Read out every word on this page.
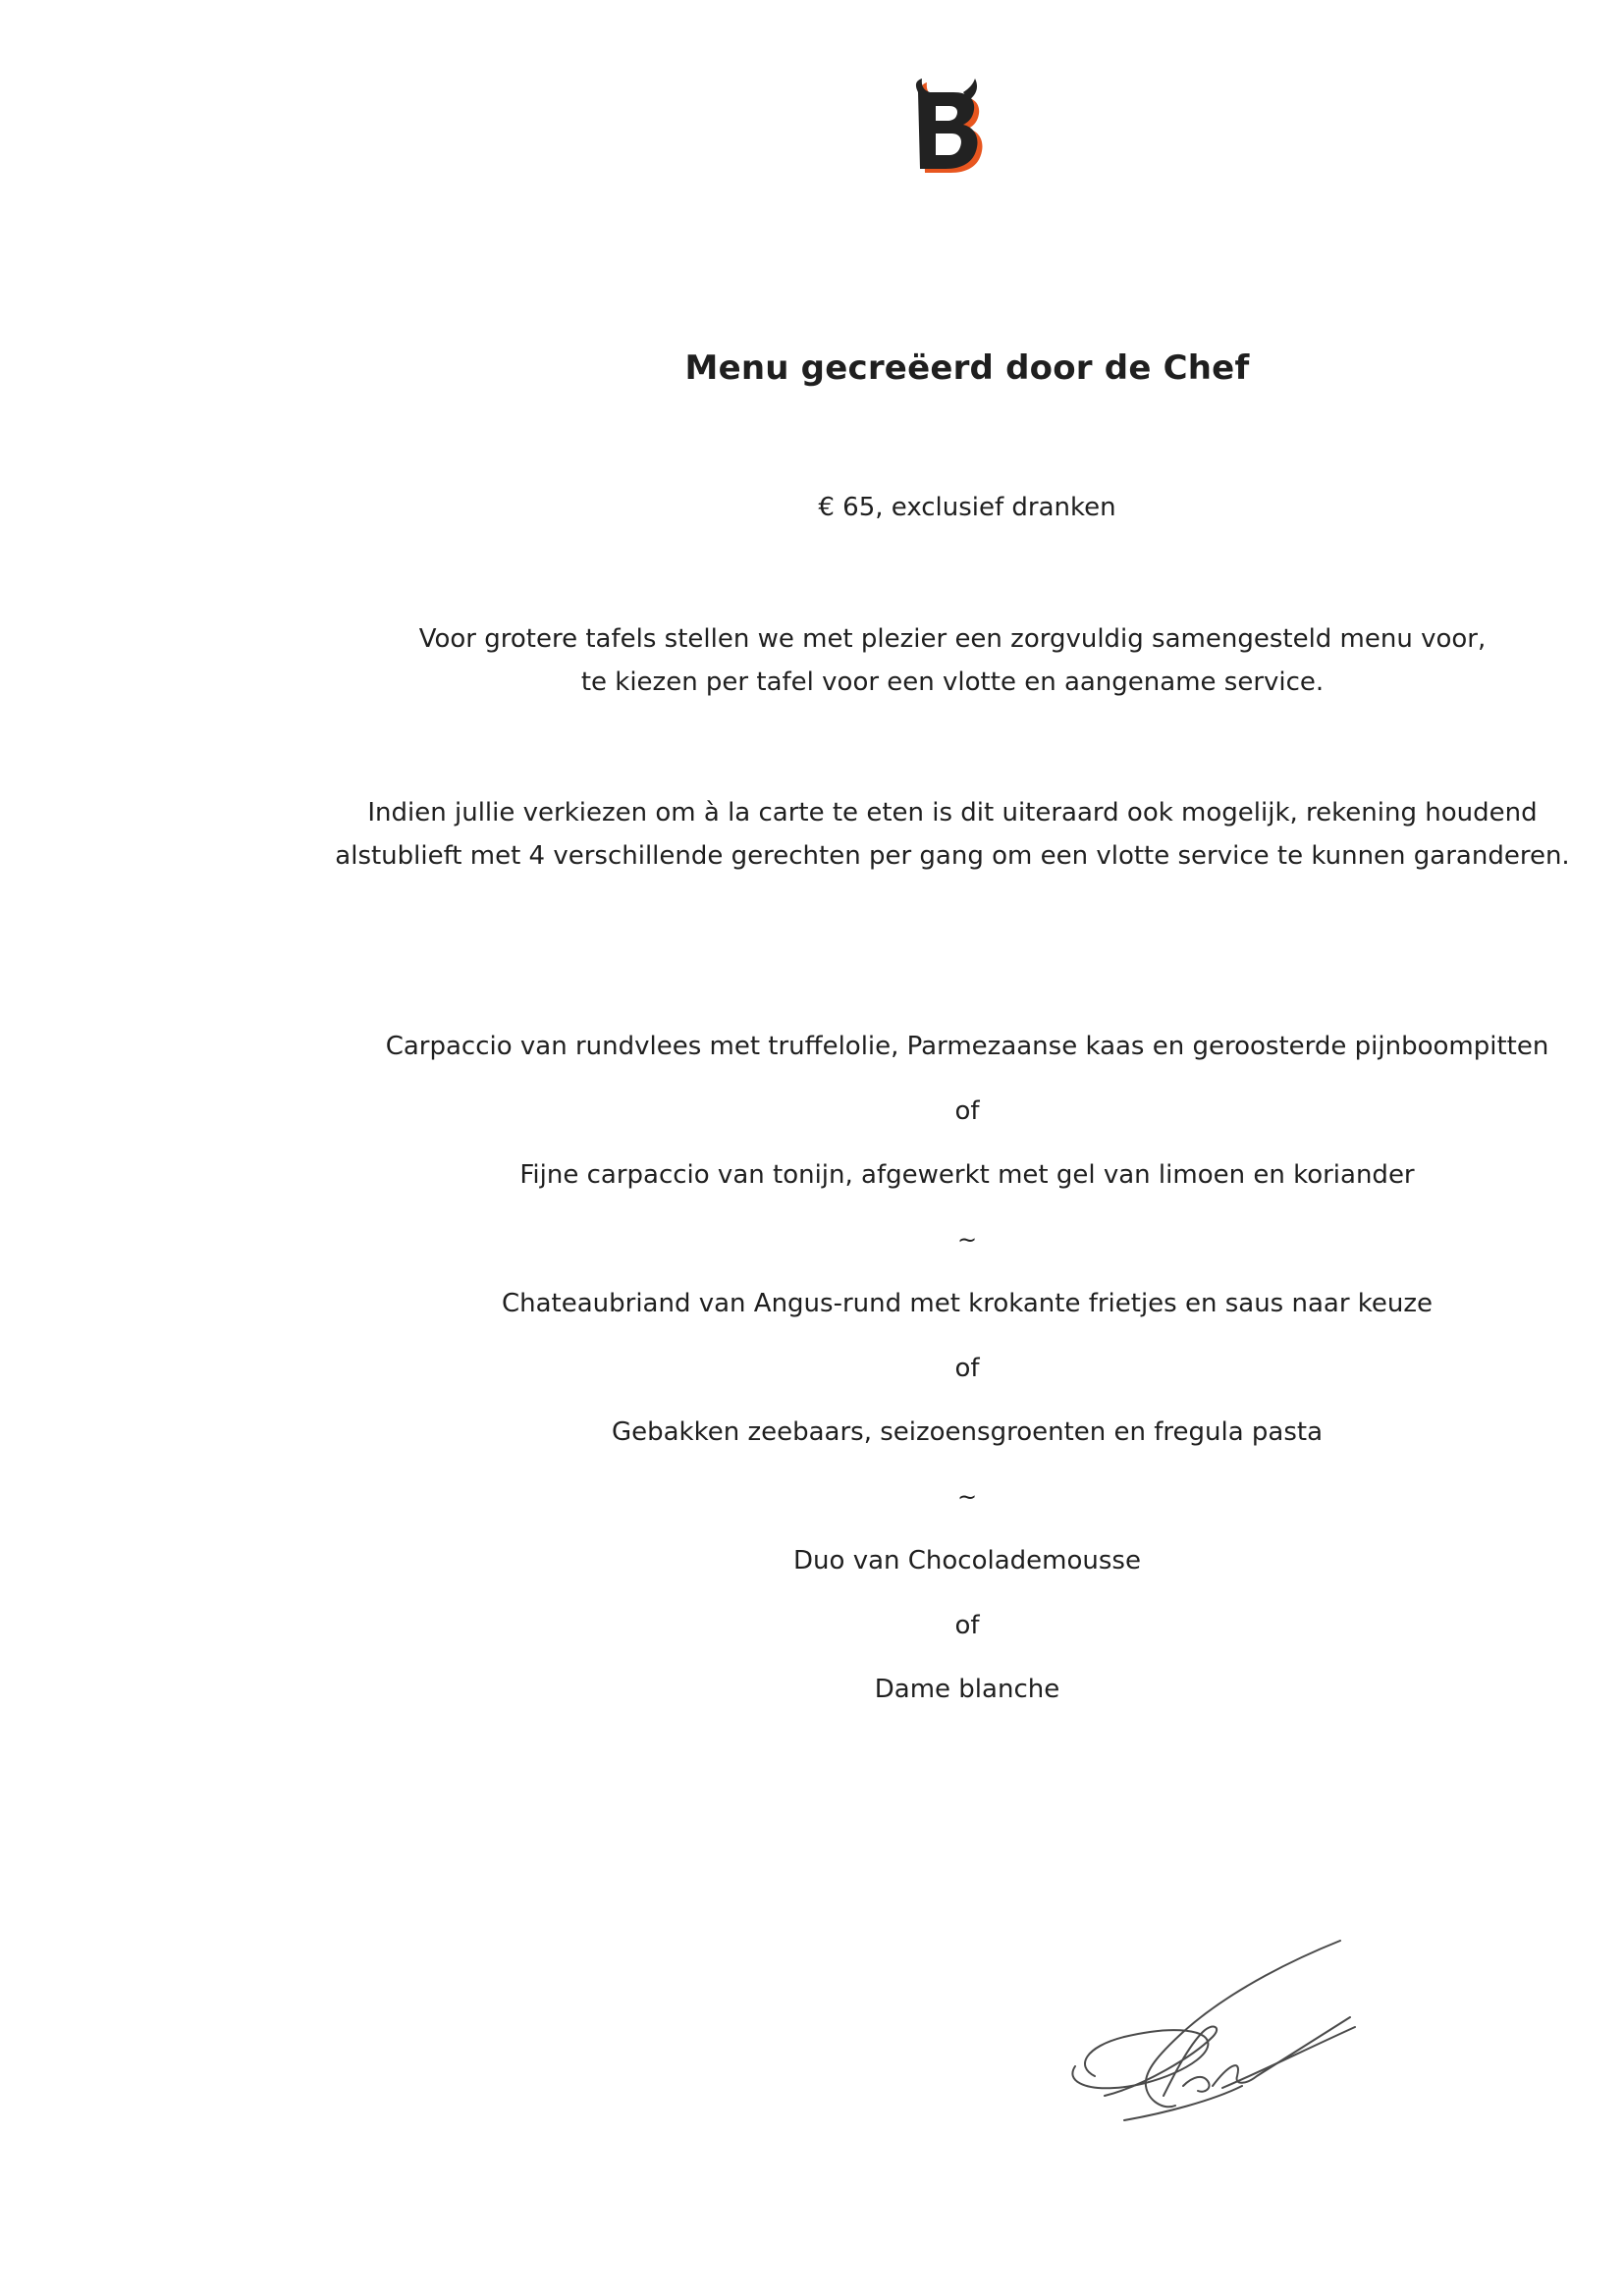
Menu gecreëerd door de Chef
€ 65, exclusief dranken

Voor grotere tafels stellen we met plezier een zorgvuldig samengesteld menu voor,
te kiezen per tafel voor een vlotte en aangename service.

Indien jullie verkiezen om à la carte te eten is dit uiteraard ook mogelijk, rekening houdend
alstublieft met 4 verschillende gerechten per gang om een vlotte service te kunnen garanderen.

Carpaccio van rundvlees met truffelolie, Parmezaanse kaas en geroosterde pijnboompitten
of
Fijne carpaccio van tonijn, afgewerkt met gel van limoen en koriander
~
Chateaubriand van Angus-rund met krokante frietjes en saus naar keuze
of
Gebakken zeebaars, seizoensgroenten en fregula pasta
~
Duo van Chocolademousse
of
Dame blanche
